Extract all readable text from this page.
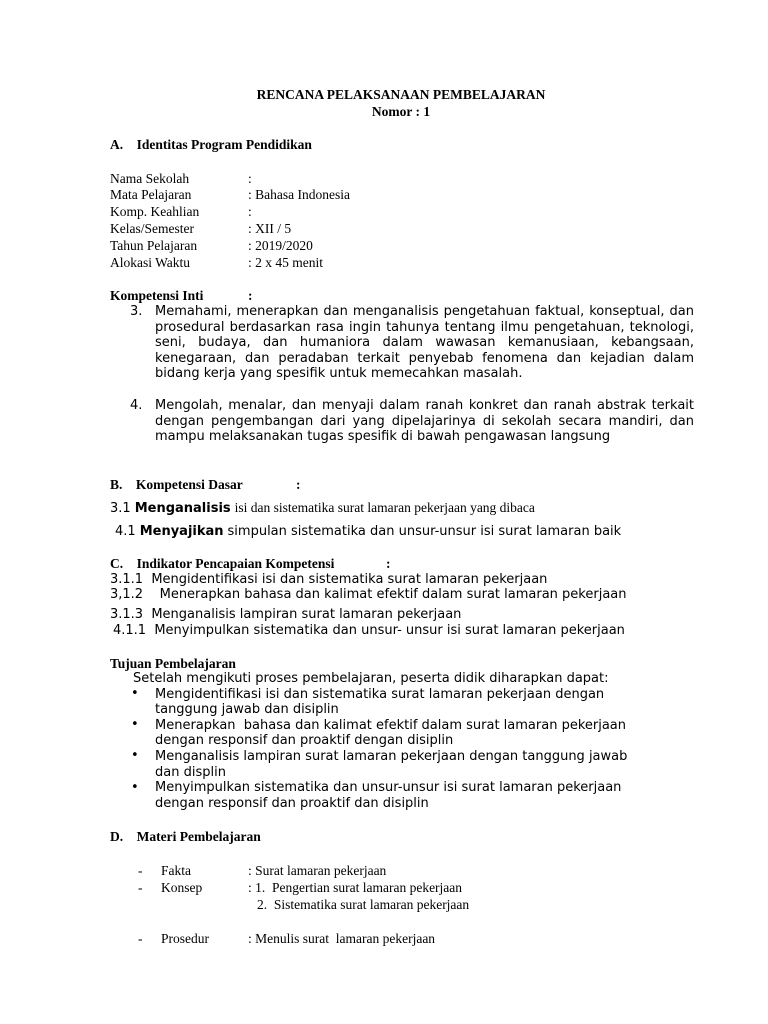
RENCANA PELAKSANAAN PEMBELAJARAN
Nomor : 1
A. Identitas Program Pendidikan
Nama Sekolah	:
Mata Pelajaran	: Bahasa Indonesia
Komp. Keahlian	:
Kelas/Semester	: XII / 5
Tahun Pelajaran	: 2019/2020
Alokasi Waktu	: 2 x 45 menit
Kompetensi Inti	:
3. Memahami, menerapkan dan menganalisis pengetahuan faktual, konseptual, dan prosedural berdasarkan rasa ingin tahunya tentang ilmu pengetahuan, teknologi, seni, budaya, dan humaniora dalam wawasan kemanusiaan, kebangsaan, kenegaraan, dan peradaban terkait penyebab fenomena dan kejadian dalam bidang kerja yang spesifik untuk memecahkan masalah.
4. Mengolah, menalar, dan menyaji dalam ranah konkret dan ranah abstrak terkait dengan pengembangan dari yang dipelajarinya di sekolah secara mandiri, dan mampu melaksanakan tugas spesifik di bawah pengawasan langsung
B. Kompetensi Dasar	:
3.1 Menganalisis isi dan sistematika surat lamaran pekerjaan yang dibaca
4.1 Menyajikan simpulan sistematika dan unsur-unsur isi surat lamaran baik
C. Indikator Pencapaian Kompetensi	:
3.1.1  Mengidentifikasi isi dan sistematika surat lamaran pekerjaan
3,1.2    Menerapkan bahasa dan kalimat efektif dalam surat lamaran pekerjaan
3.1.3  Menganalisis lampiran surat lamaran pekerjaan
4.1.1  Menyimpulkan sistematika dan unsur- unsur isi surat lamaran pekerjaan
Tujuan Pembelajaran
Setelah mengikuti proses pembelajaran, peserta didik diharapkan dapat:
• Mengidentifikasi isi dan sistematika surat lamaran pekerjaan dengan
tanggung jawab dan disiplin
• Menerapkan  bahasa dan kalimat efektif dalam surat lamaran pekerjaan
dengan responsif dan proaktif dengan disiplin
• Menganalisis lampiran surat lamaran pekerjaan dengan tanggung jawab
dan displin
• Menyimpulkan sistematika dan unsur-unsur isi surat lamaran pekerjaan
dengan responsif dan proaktif dan disiplin
D. Materi Pembelajaran
- Fakta	: Surat lamaran pekerjaan
- Konsep	: 1.  Pengertian surat lamaran pekerjaan
2.  Sistematika surat lamaran pekerjaan
- Prosedur	: Menulis surat  lamaran pekerjaan
